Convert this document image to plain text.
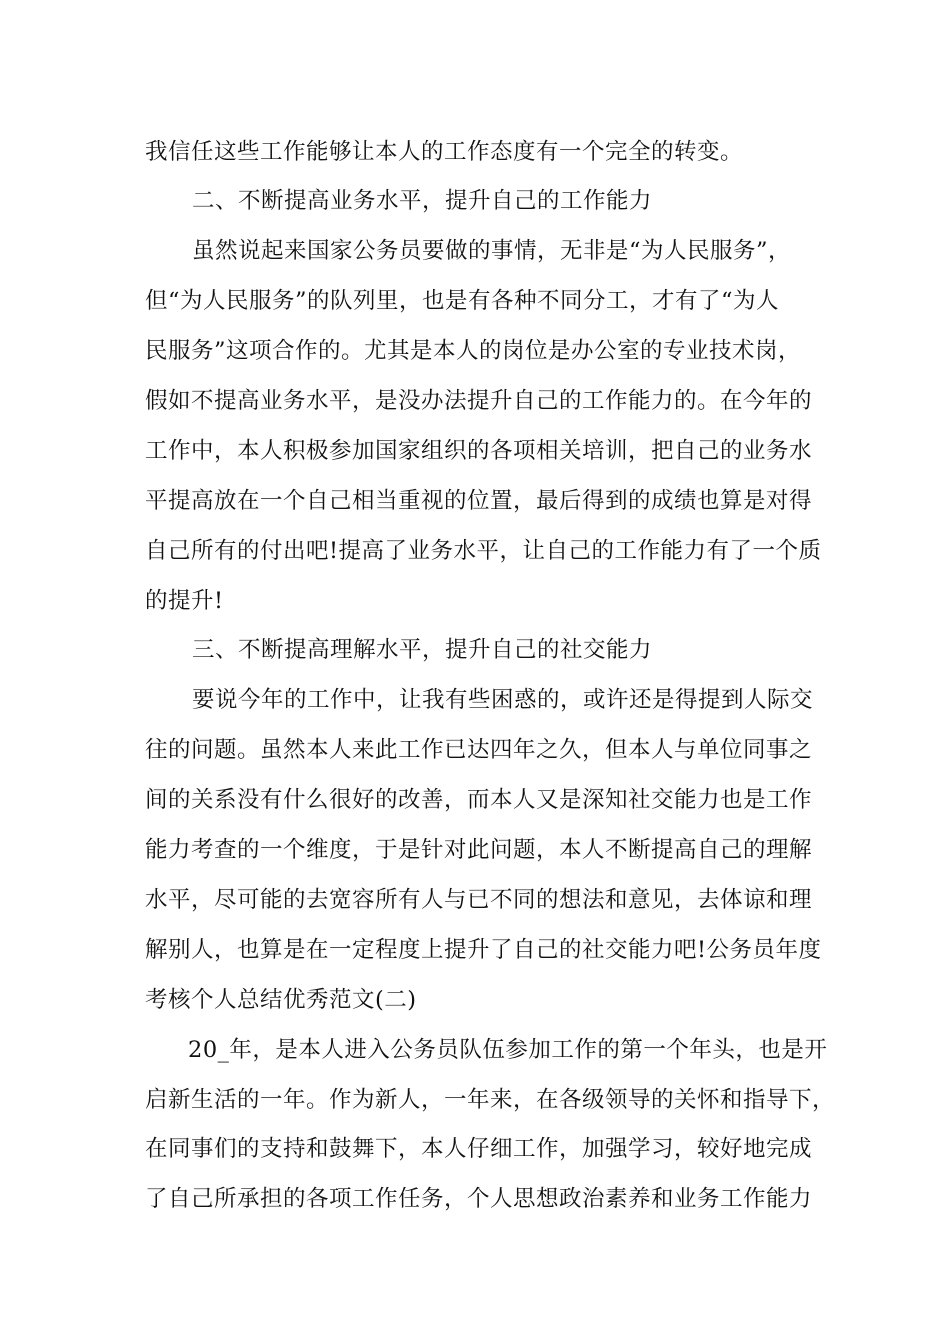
我信任这些工作能够让本人的工作态度有一个完全的转变。
二、不断提高业务水平，提升自己的工作能力
虽然说起来国家公务员要做的事情，无非是“为人民服务”，
但“为人民服务”的队列里，也是有各种不同分工，才有了“为人
民服务”这项合作的。尤其是本人的岗位是办公室的专业技术岗，
假如不提高业务水平，是没办法提升自己的工作能力的。在今年的
工作中，本人积极参加国家组织的各项相关培训，把自己的业务水
平提高放在一个自己相当重视的位置，最后得到的成绩也算是对得
自己所有的付出吧!提高了业务水平，让自己的工作能力有了一个质
的提升!
三、不断提高理解水平，提升自己的社交能力
要说今年的工作中，让我有些困惑的，或许还是得提到人际交
往的问题。虽然本人来此工作已达四年之久，但本人与单位同事之
间的关系没有什么很好的改善，而本人又是深知社交能力也是工作
能力考查的一个维度，于是针对此问题，本人不断提高自己的理解
水平，尽可能的去宽容所有人与已不同的想法和意见，去体谅和理
解别人，也算是在一定程度上提升了自己的社交能力吧!公务员年度
考核个人总结优秀范文(二)
20_年，是本人进入公务员队伍参加工作的第一个年头，也是开
启新生活的一年。作为新人，一年来，在各级领导的关怀和指导下，
在同事们的支持和鼓舞下，本人仔细工作，加强学习，较好地完成
了自己所承担的各项工作任务，个人思想政治素养和业务工作能力
